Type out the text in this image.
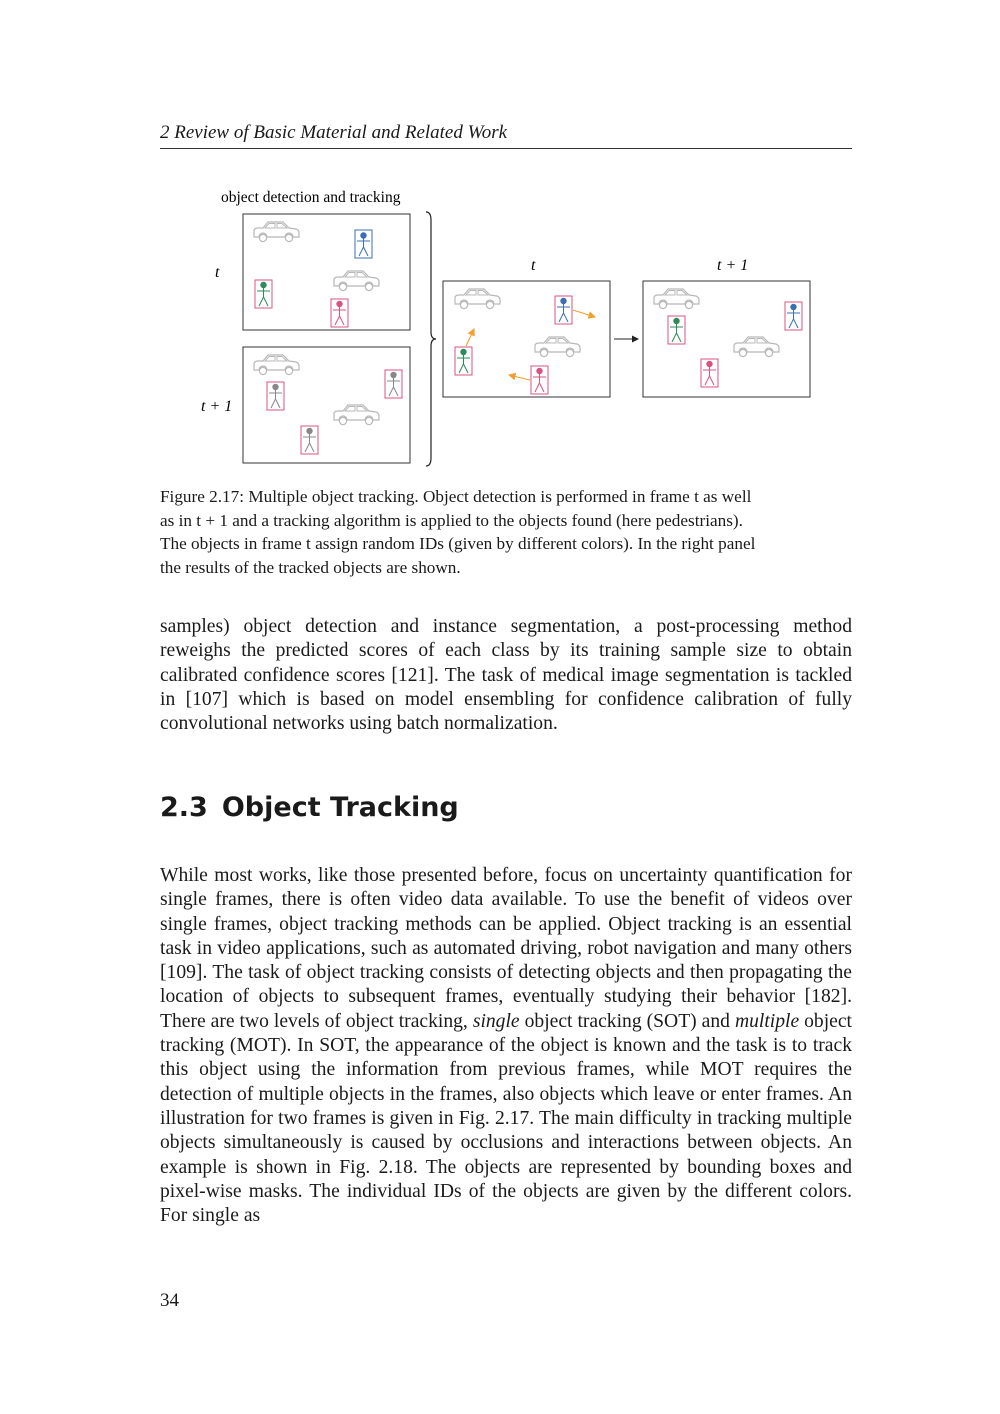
2 Review of Basic Material and Related Work
object detection and tracking
t
t + 1
t	t + 1
Figure 2.17: Multiple object tracking. Object detection is performed in frame t as well
as in t + 1 and a tracking algorithm is applied to the objects found (here pedestrians).
The objects in frame t assign random IDs (given by different colors). In the right panel
the results of the tracked objects are shown.

samples) object detection and instance segmentation, a post-processing method reweighs the predicted scores of each class by its training sample size to obtain calibrated confidence scores [121]. The task of medical image segmentation is tackled in [107] which is based on model ensembling for confidence calibration of fully convolutional networks using batch normalization.

2.3 Object Tracking

While most works, like those presented before, focus on uncertainty quantification for single frames, there is often video data available. To use the benefit of videos over single frames, object tracking methods can be applied. Object tracking is an essential task in video applications, such as automated driving, robot navigation and many others [109]. The task of object tracking consists of detecting objects and then propagating the location of objects to subsequent frames, eventually studying their behavior [182]. There are two levels of object tracking, single object tracking (SOT) and multiple object tracking (MOT). In SOT, the appearance of the object is known and the task is to track this object using the information from previous frames, while MOT requires the detection of multiple objects in the frames, also objects which leave or enter frames. An illustration for two frames is given in Fig. 2.17. The main difficulty in tracking multiple objects simultaneously is caused by occlusions and interactions between objects. An example is shown in Fig. 2.18. The objects are represented by bounding boxes and pixel-wise masks. The individual IDs of the objects are given by the different colors. For single as

34
